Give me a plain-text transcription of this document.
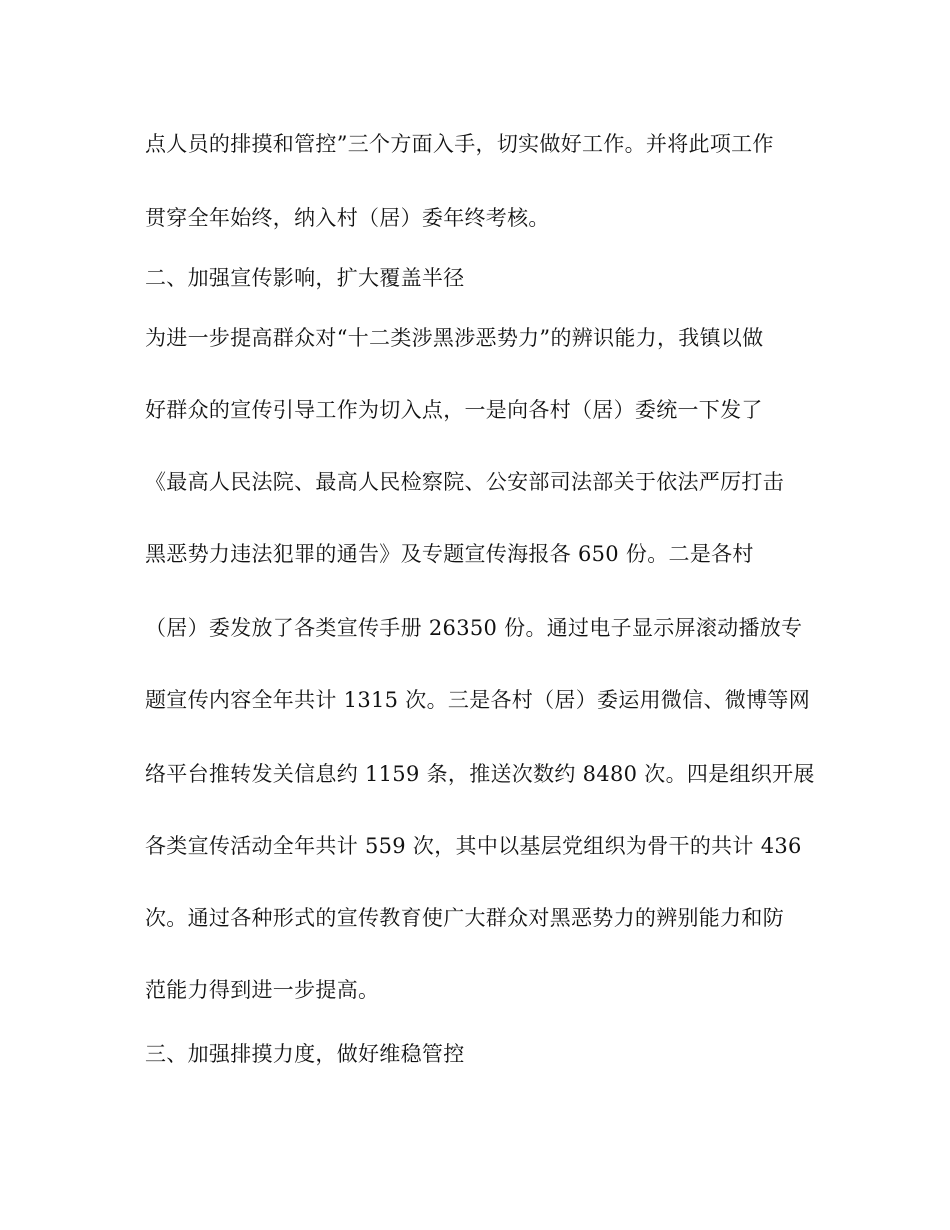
点人员的排摸和管控”三个方面入手，切实做好工作。并将此项工作
贯穿全年始终，纳入村（居）委年终考核。
二、加强宣传影响，扩大覆盖半径
为进一步提高群众对“十二类涉黑涉恶势力”的辨识能力，我镇以做
好群众的宣传引导工作为切入点，一是向各村（居）委统一下发了
《最高人民法院、最高人民检察院、公安部司法部关于依法严厉打击
黑恶势力违法犯罪的通告》及专题宣传海报各 650 份。二是各村
（居）委发放了各类宣传手册 26350 份。通过电子显示屏滚动播放专
题宣传内容全年共计 1315 次。三是各村（居）委运用微信、微博等网
络平台推转发关信息约 1159 条，推送次数约 8480 次。四是组织开展
各类宣传活动全年共计 559 次，其中以基层党组织为骨干的共计 436
次。通过各种形式的宣传教育使广大群众对黑恶势力的辨别能力和防
范能力得到进一步提高。
三、加强排摸力度，做好维稳管控
